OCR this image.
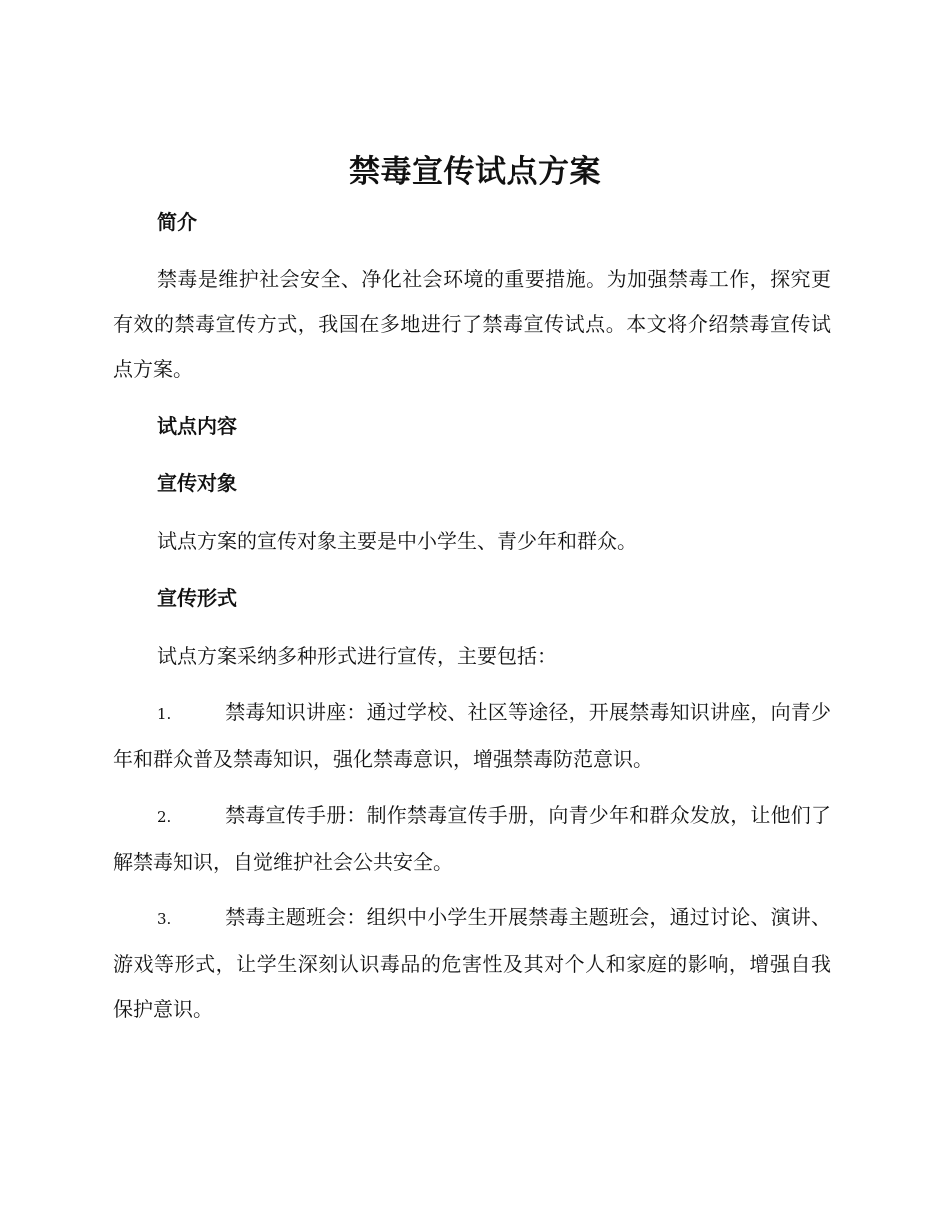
禁毒宣传试点方案
简介

禁毒是维护社会安全、净化社会环境的重要措施。为加强禁毒工作，探究更有效的禁毒宣传方式，我国在多地进行了禁毒宣传试点。本文将介绍禁毒宣传试点方案。

试点内容
宣传对象

试点方案的宣传对象主要是中小学生、青少年和群众。

宣传形式

试点方案采纳多种形式进行宣传，主要包括：

1.	禁毒知识讲座：通过学校、社区等途径，开展禁毒知识讲座，向青少年和群众普及禁毒知识，强化禁毒意识，增强禁毒防范意识。

2.	禁毒宣传手册：制作禁毒宣传手册，向青少年和群众发放，让他们了解禁毒知识，自觉维护社会公共安全。

3.	禁毒主题班会：组织中小学生开展禁毒主题班会，通过讨论、演讲、游戏等形式，让学生深刻认识毒品的危害性及其对个人和家庭的影响，增强自我保护意识。
